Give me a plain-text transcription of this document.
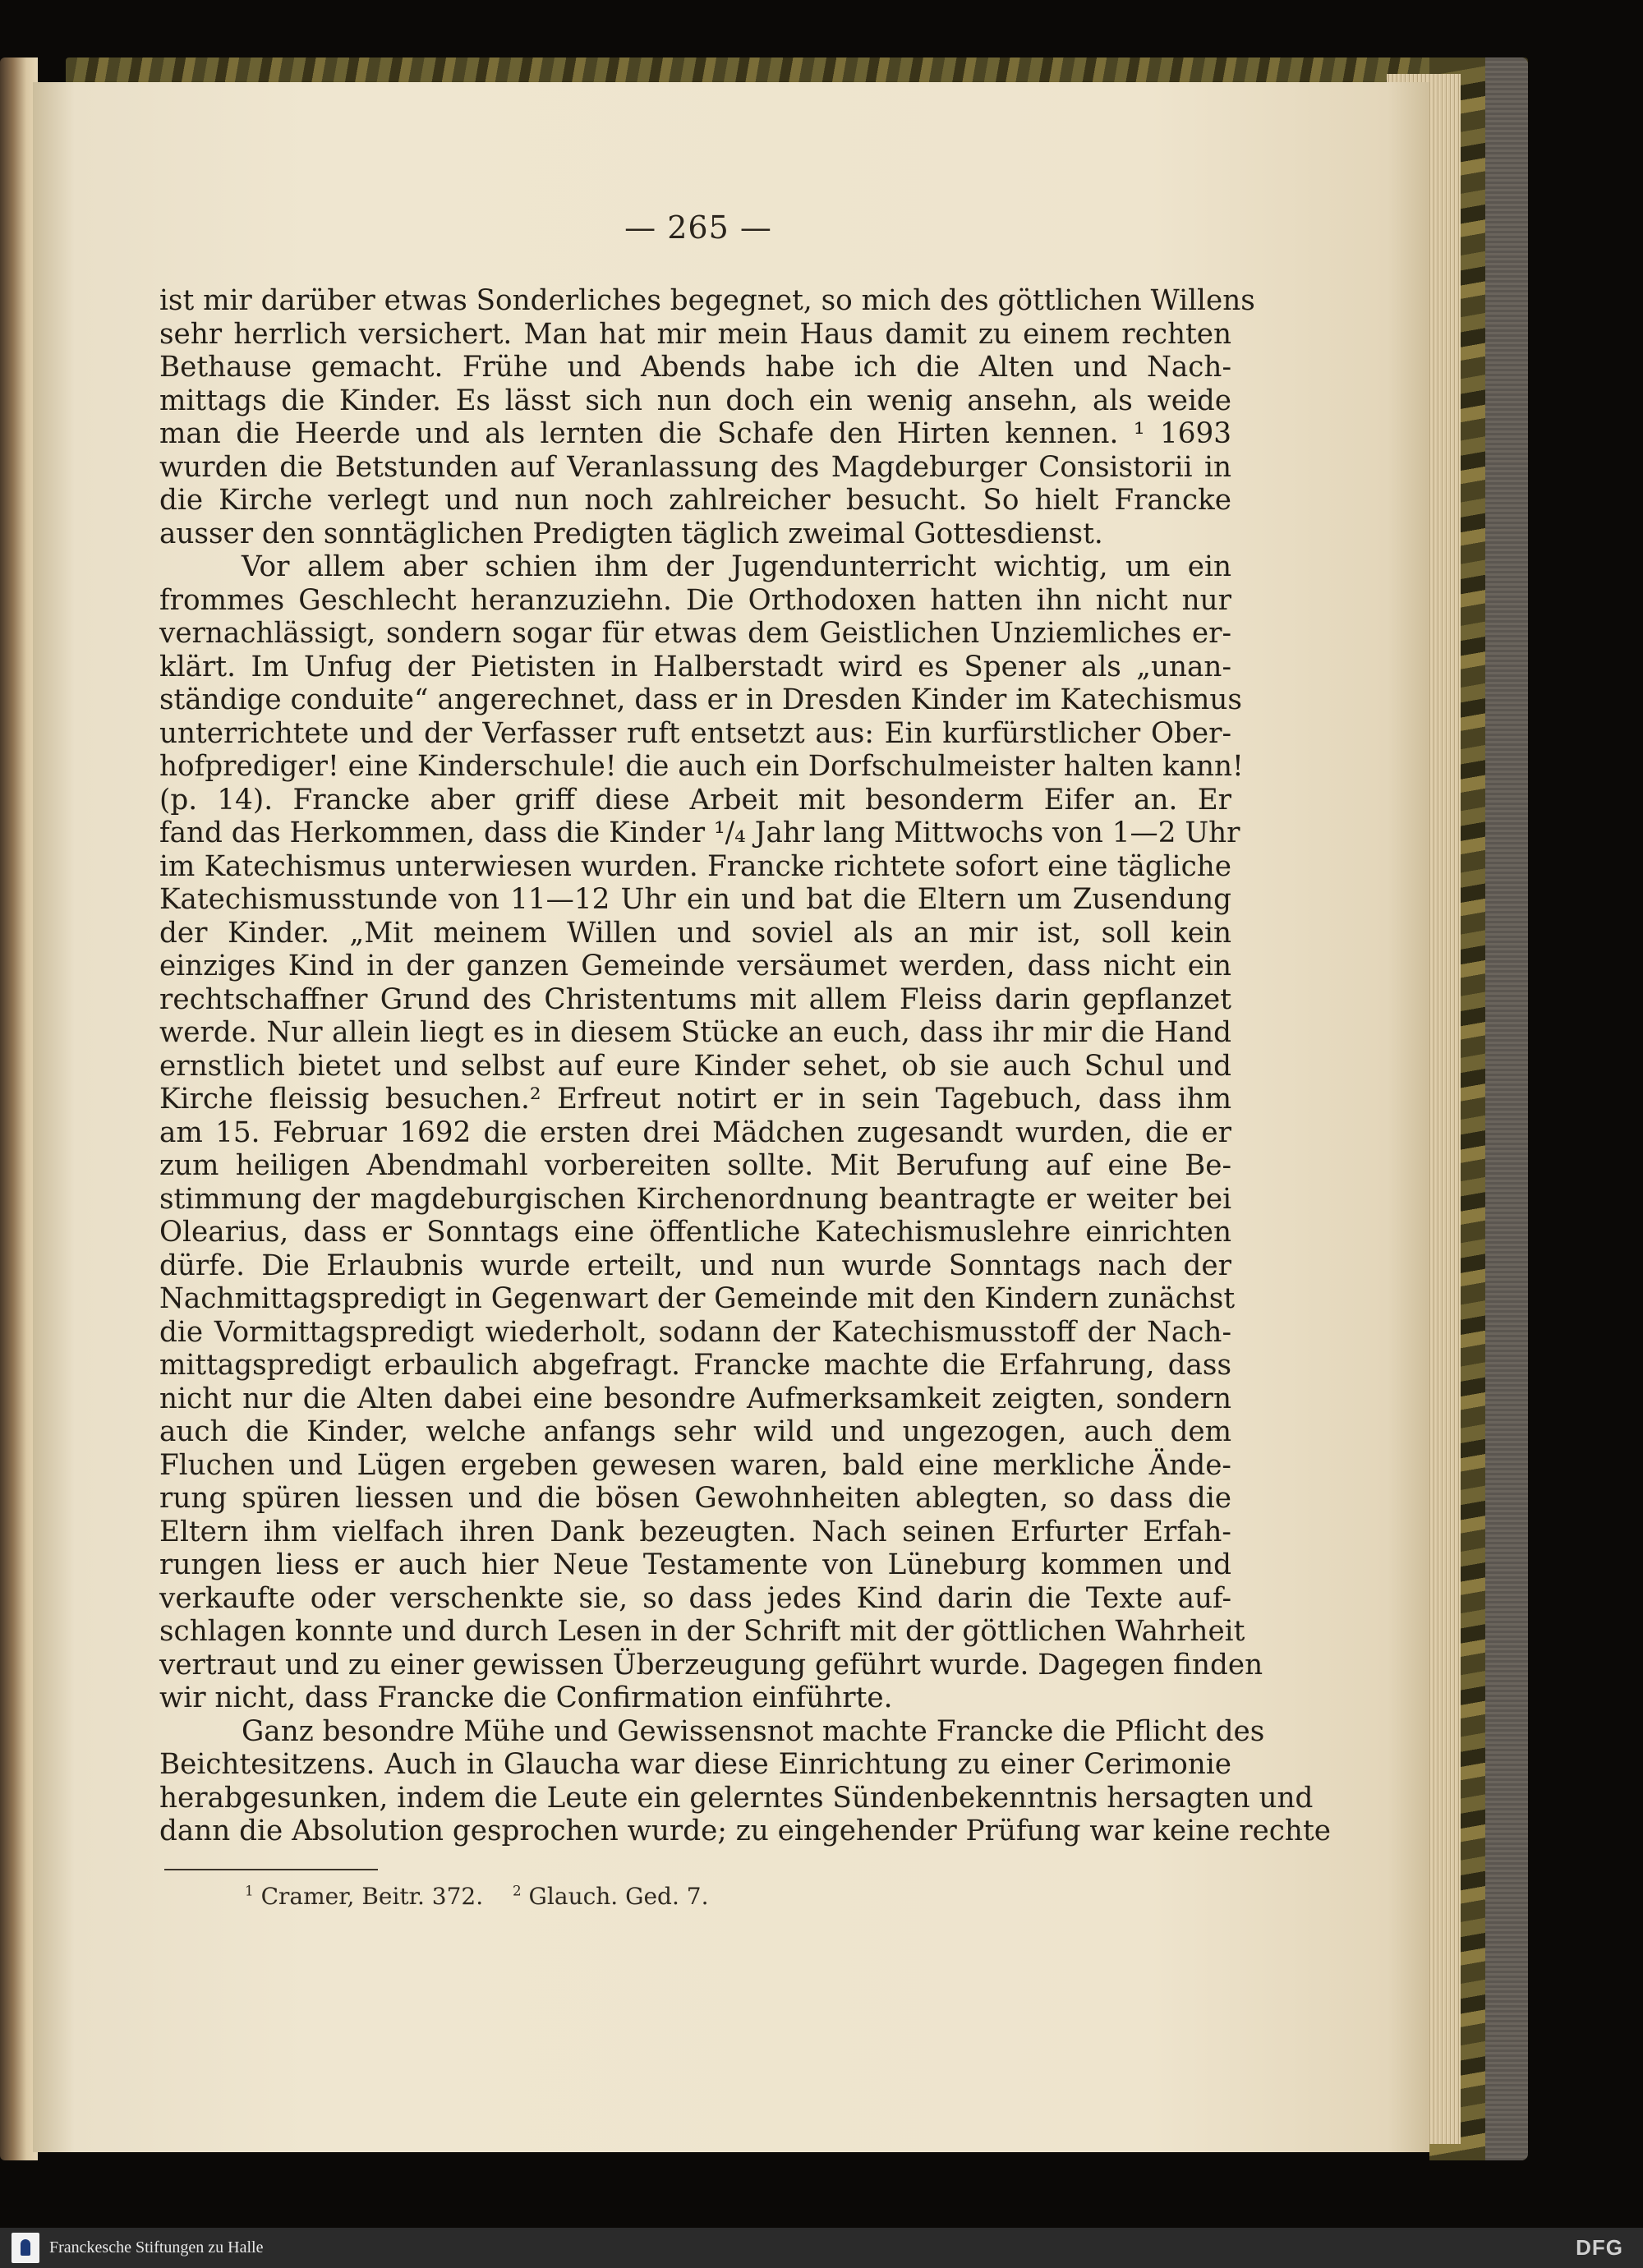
— 265 —
ist mir darüber etwas Sonderliches begegnet, so mich des göttlichen Willens
sehr herrlich versichert. Man hat mir mein Haus damit zu einem rechten
Bethause gemacht. Frühe und Abends habe ich die Alten und Nach-
mittags die Kinder. Es lässt sich nun doch ein wenig ansehn, als weide
man die Heerde und als lernten die Schafe den Hirten kennen. ¹ 1693
wurden die Betstunden auf Veranlassung des Magdeburger Consistorii in
die Kirche verlegt und nun noch zahlreicher besucht. So hielt Francke
ausser den sonntäglichen Predigten täglich zweimal Gottesdienst.
Vor allem aber schien ihm der Jugendunterricht wichtig, um ein
frommes Geschlecht heranzuziehn. Die Orthodoxen hatten ihn nicht nur
vernachlässigt, sondern sogar für etwas dem Geistlichen Unziemliches er-
klärt. Im Unfug der Pietisten in Halberstadt wird es Spener als „unan-
ständige conduite“ angerechnet, dass er in Dresden Kinder im Katechismus
unterrichtete und der Verfasser ruft entsetzt aus: Ein kurfürstlicher Ober-
hofprediger! eine Kinderschule! die auch ein Dorfschulmeister halten kann!
(p. 14). Francke aber griff diese Arbeit mit besonderm Eifer an. Er
fand das Herkommen, dass die Kinder ¹/₄ Jahr lang Mittwochs von 1—2 Uhr
im Katechismus unterwiesen wurden. Francke richtete sofort eine tägliche
Katechismusstunde von 11—12 Uhr ein und bat die Eltern um Zusendung
der Kinder. „Mit meinem Willen und soviel als an mir ist, soll kein
einziges Kind in der ganzen Gemeinde versäumet werden, dass nicht ein
rechtschaffner Grund des Christentums mit allem Fleiss darin gepflanzet
werde. Nur allein liegt es in diesem Stücke an euch, dass ihr mir die Hand
ernstlich bietet und selbst auf eure Kinder sehet, ob sie auch Schul und
Kirche fleissig besuchen.² Erfreut notirt er in sein Tagebuch, dass ihm
am 15. Februar 1692 die ersten drei Mädchen zugesandt wurden, die er
zum heiligen Abendmahl vorbereiten sollte. Mit Berufung auf eine Be-
stimmung der magdeburgischen Kirchenordnung beantragte er weiter bei
Olearius, dass er Sonntags eine öffentliche Katechismuslehre einrichten
dürfe. Die Erlaubnis wurde erteilt, und nun wurde Sonntags nach der
Nachmittagspredigt in Gegenwart der Gemeinde mit den Kindern zunächst
die Vormittagspredigt wiederholt, sodann der Katechismusstoff der Nach-
mittagspredigt erbaulich abgefragt. Francke machte die Erfahrung, dass
nicht nur die Alten dabei eine besondre Aufmerksamkeit zeigten, sondern
auch die Kinder, welche anfangs sehr wild und ungezogen, auch dem
Fluchen und Lügen ergeben gewesen waren, bald eine merkliche Ände-
rung spüren liessen und die bösen Gewohnheiten ablegten, so dass die
Eltern ihm vielfach ihren Dank bezeugten. Nach seinen Erfurter Erfah-
rungen liess er auch hier Neue Testamente von Lüneburg kommen und
verkaufte oder verschenkte sie, so dass jedes Kind darin die Texte auf-
schlagen konnte und durch Lesen in der Schrift mit der göttlichen Wahrheit
vertraut und zu einer gewissen Überzeugung geführt wurde. Dagegen finden
wir nicht, dass Francke die Confirmation einführte.
Ganz besondre Mühe und Gewissensnot machte Francke die Pflicht des
Beichtesitzens. Auch in Glaucha war diese Einrichtung zu einer Cerimonie
herabgesunken, indem die Leute ein gelerntes Sündenbekenntnis hersagten und
dann die Absolution gesprochen wurde; zu eingehender Prüfung war keine rechte
$^1$ Cramer, Beitr. 372. $^2$ Glauch. Ged. 7.
Franckesche Stiftungen zu Halle	DFG
